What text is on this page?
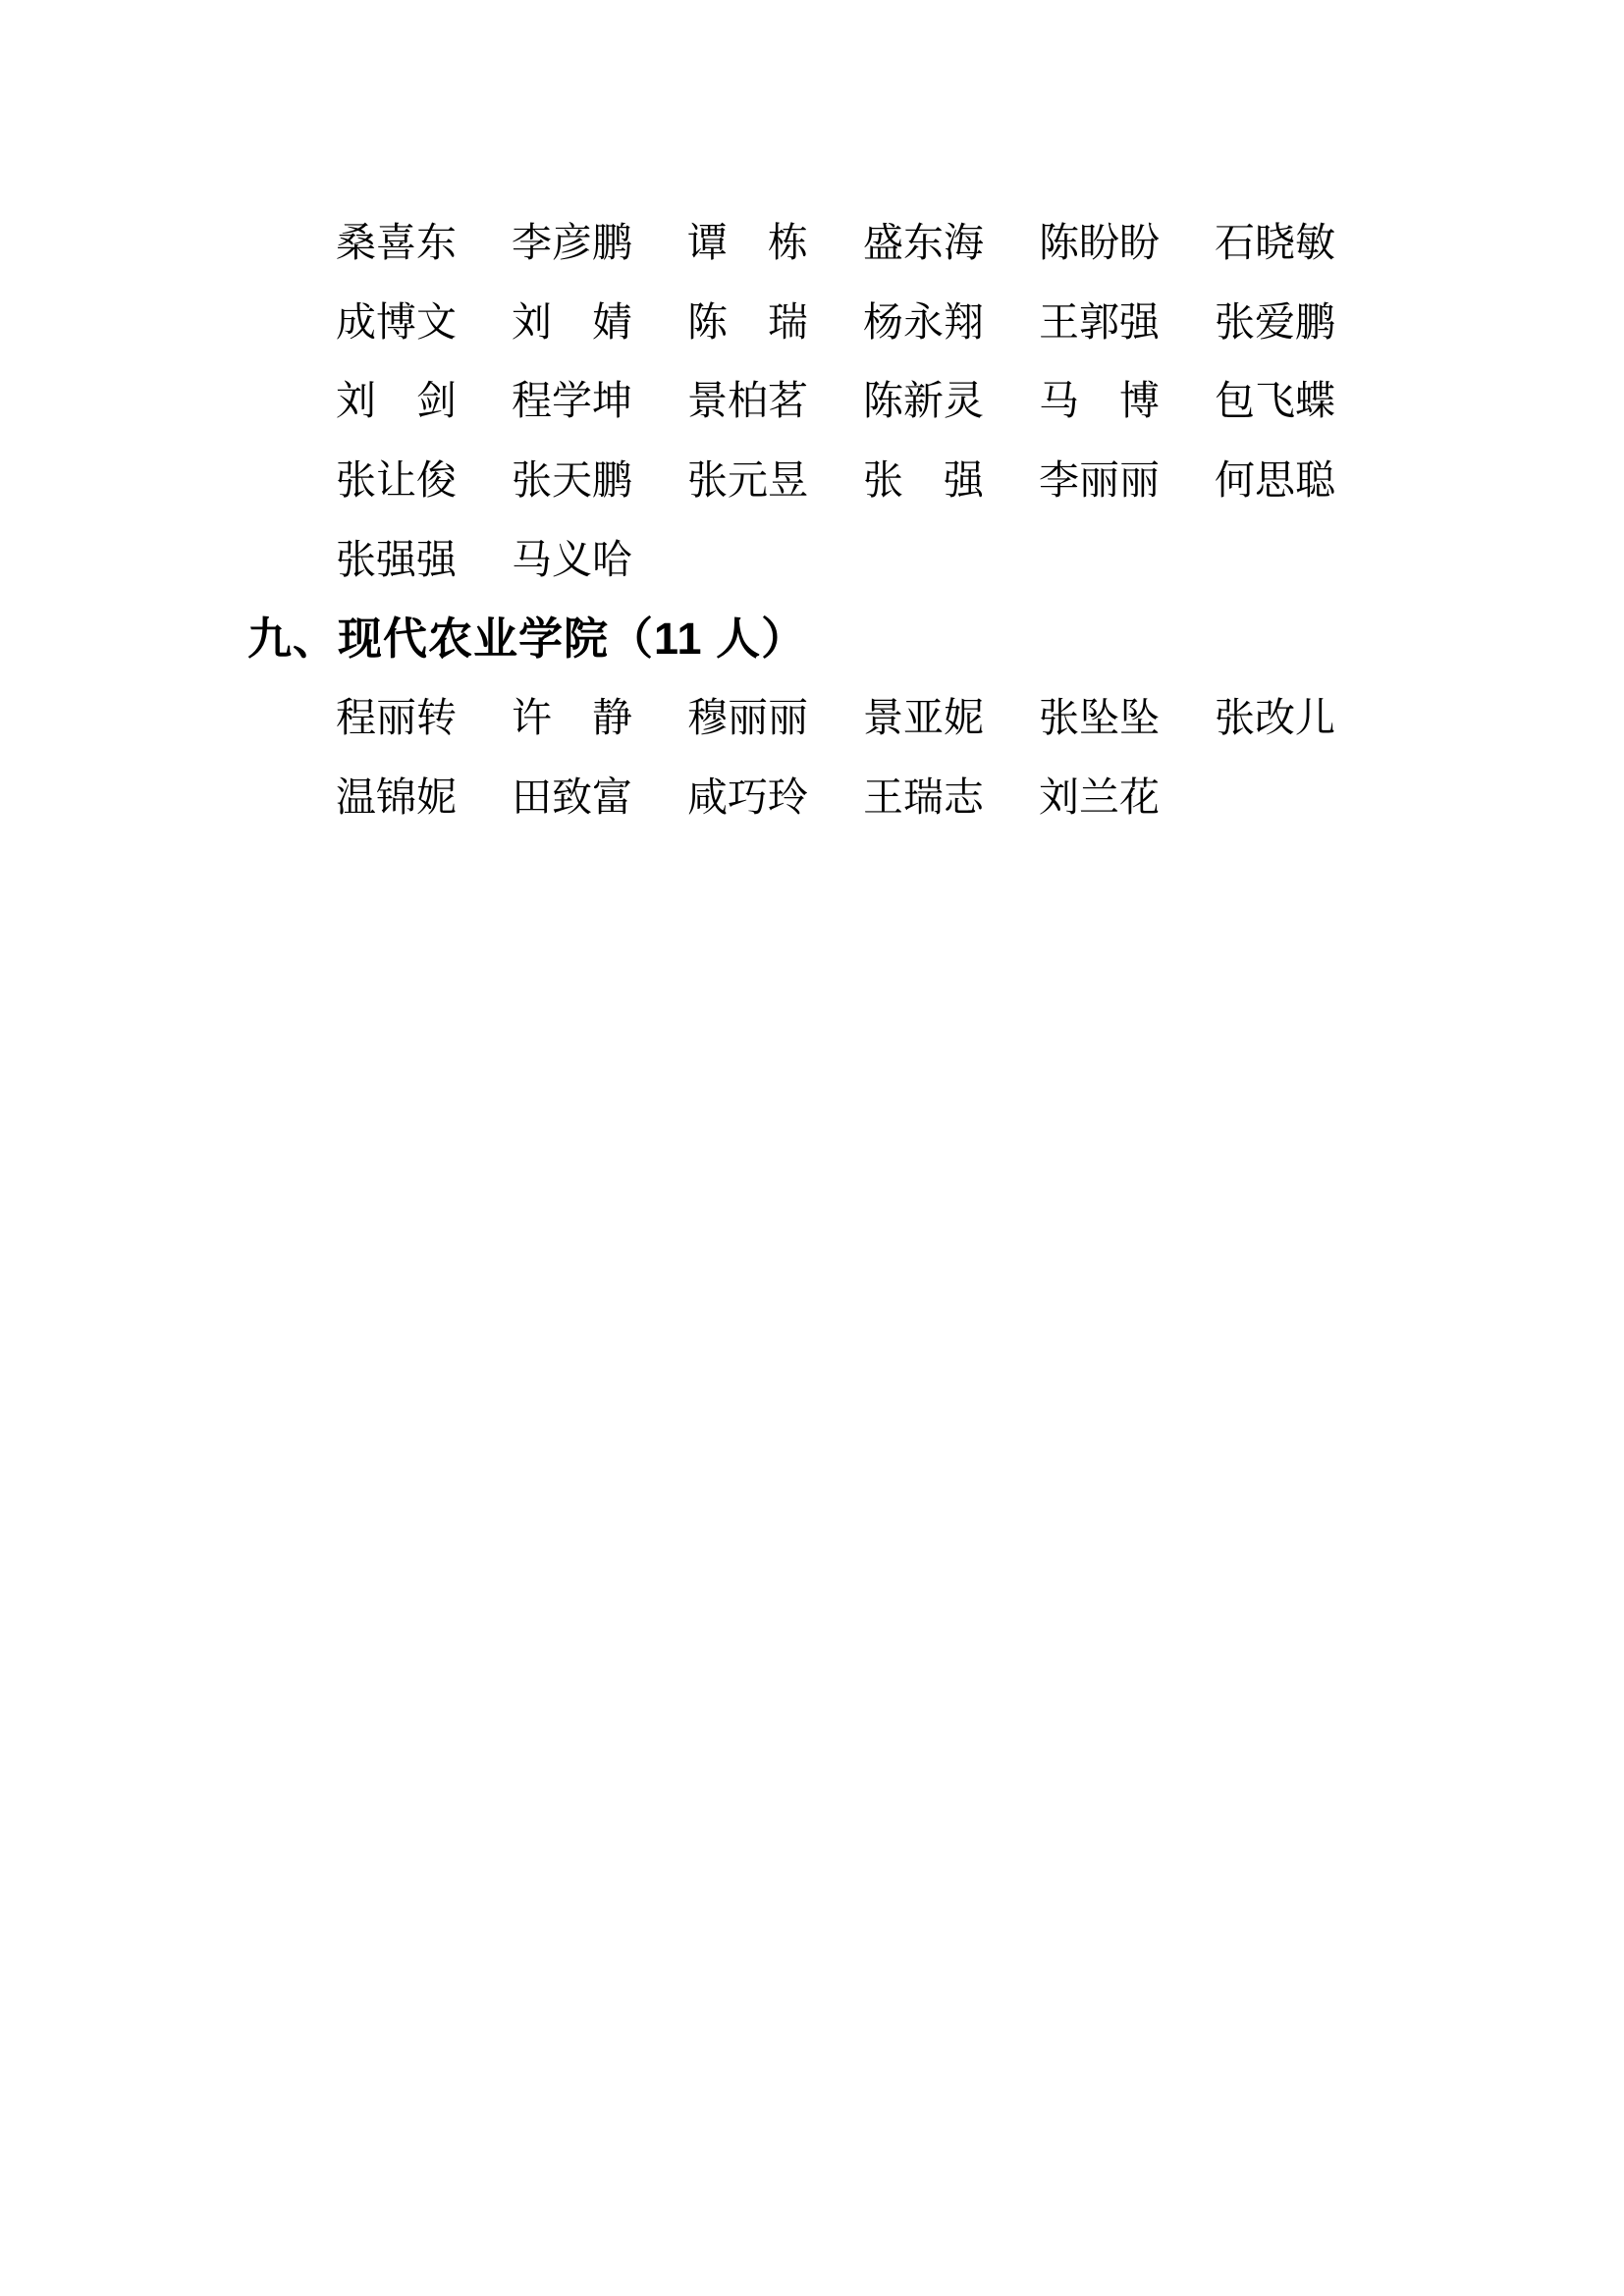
桑喜东 李彦鹏 谭　栋 盛东海 陈盼盼 石晓敏
成博文 刘　婧 陈　瑞 杨永翔 王郭强 张爱鹏
刘　剑 程学坤 景柏茗 陈新灵 马　博 包飞蝶
张让俊 张天鹏 张元昱 张　强 李丽丽 何思聪
张强强 马义哈
九、现代农业学院（11 人）
程丽转 许　静 穆丽丽 景亚妮 张坠坠 张改儿
温锦妮 田致富 咸巧玲 王瑞志 刘兰花
